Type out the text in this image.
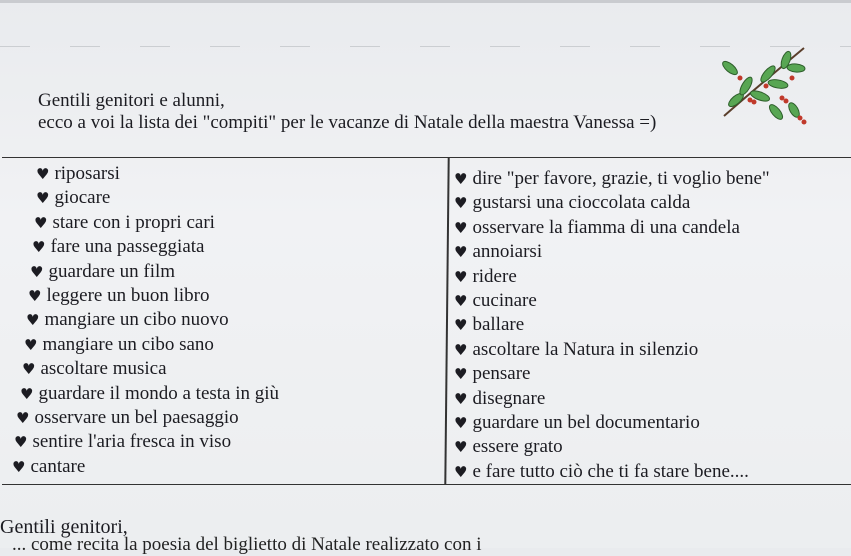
Gentili genitori e alunni,
ecco a voi la lista dei "compiti" per le vacanze di Natale della maestra Vanessa =)
♥ riposarsi
♥ giocare
♥ stare con i propri cari
♥ fare una passeggiata
♥ guardare un film
♥ leggere un buon libro
♥ mangiare un cibo nuovo
♥ mangiare un cibo sano
♥ ascoltare musica
♥ guardare il mondo a testa in giù
♥ osservare un bel paesaggio
♥ sentire l'aria fresca in viso
♥ cantare
♥ dire "per favore, grazie, ti voglio bene"
♥ gustarsi una cioccolata calda
♥ osservare la fiamma di una candela
♥ annoiarsi
♥ ridere
♥ cucinare
♥ ballare
♥ ascoltare la Natura in silenzio
♥ pensare
♥ disegnare
♥ guardare un bel documentario
♥ essere grato
♥ e fare tutto ciò che ti fa stare bene....
Gentili genitori,
... come recita la poesia del biglietto di Natale realizzato con i
